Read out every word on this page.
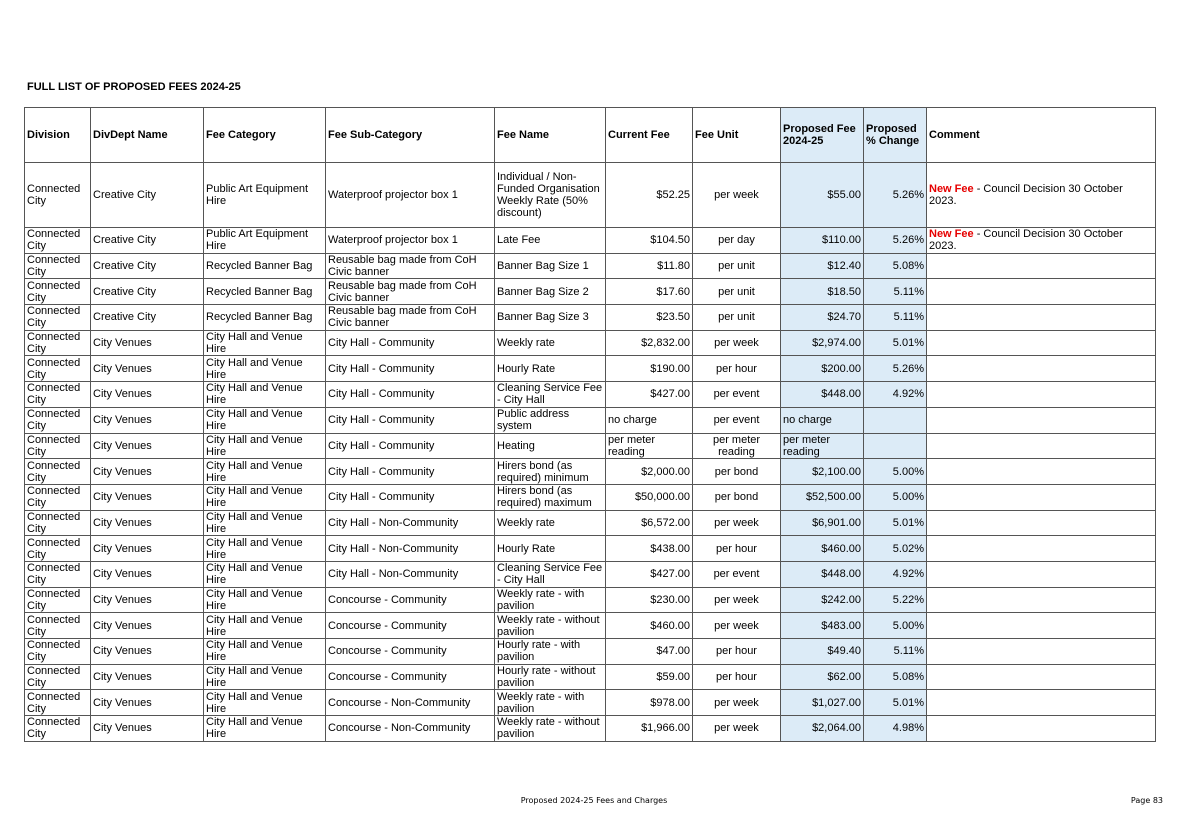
FULL LIST OF PROPOSED FEES 2024-25
Division	DivDept Name	Fee Category	Fee Sub-Category	Fee Name	Current Fee	Fee Unit	Proposed Fee 2024-25	Proposed % Change	Comment
Connected City	Creative City	Public Art Equipment Hire	Waterproof projector box 1	Individual / Non-Funded Organisation Weekly Rate (50% discount)	$52.25	per week	$55.00	5.26%	New Fee - Council Decision 30 October 2023.
Connected City	Creative City	Public Art Equipment Hire	Waterproof projector box 1	Late Fee	$104.50	per day	$110.00	5.26%	New Fee - Council Decision 30 October 2023.
Connected City	Creative City	Recycled Banner Bag	Reusable bag made from CoH Civic banner	Banner Bag Size 1	$11.80	per unit	$12.40	5.08%	
Connected City	Creative City	Recycled Banner Bag	Reusable bag made from CoH Civic banner	Banner Bag Size 2	$17.60	per unit	$18.50	5.11%	
Connected City	Creative City	Recycled Banner Bag	Reusable bag made from CoH Civic banner	Banner Bag Size 3	$23.50	per unit	$24.70	5.11%	
Connected City	City Venues	City Hall and Venue Hire	City Hall - Community	Weekly rate	$2,832.00	per week	$2,974.00	5.01%	
Connected City	City Venues	City Hall and Venue Hire	City Hall - Community	Hourly Rate	$190.00	per hour	$200.00	5.26%	
Connected City	City Venues	City Hall and Venue Hire	City Hall - Community	Cleaning Service Fee - City Hall	$427.00	per event	$448.00	4.92%	
Connected City	City Venues	City Hall and Venue Hire	City Hall - Community	Public address system	no charge	per event	no charge		
Connected City	City Venues	City Hall and Venue Hire	City Hall - Community	Heating	per meter reading	per meter reading	per meter reading		
Connected City	City Venues	City Hall and Venue Hire	City Hall - Community	Hirers bond (as required) minimum	$2,000.00	per bond	$2,100.00	5.00%	
Connected City	City Venues	City Hall and Venue Hire	City Hall - Community	Hirers bond (as required) maximum	$50,000.00	per bond	$52,500.00	5.00%	
Connected City	City Venues	City Hall and Venue Hire	City Hall - Non-Community	Weekly rate	$6,572.00	per week	$6,901.00	5.01%	
Connected City	City Venues	City Hall and Venue Hire	City Hall - Non-Community	Hourly Rate	$438.00	per hour	$460.00	5.02%	
Connected City	City Venues	City Hall and Venue Hire	City Hall - Non-Community	Cleaning Service Fee - City Hall	$427.00	per event	$448.00	4.92%	
Connected City	City Venues	City Hall and Venue Hire	Concourse - Community	Weekly rate - with pavilion	$230.00	per week	$242.00	5.22%	
Connected City	City Venues	City Hall and Venue Hire	Concourse - Community	Weekly rate - without pavilion	$460.00	per week	$483.00	5.00%	
Connected City	City Venues	City Hall and Venue Hire	Concourse - Community	Hourly rate - with pavilion	$47.00	per hour	$49.40	5.11%	
Connected City	City Venues	City Hall and Venue Hire	Concourse - Community	Hourly rate - without pavilion	$59.00	per hour	$62.00	5.08%	
Connected City	City Venues	City Hall and Venue Hire	Concourse - Non-Community	Weekly rate - with pavilion	$978.00	per week	$1,027.00	5.01%	
Connected City	City Venues	City Hall and Venue Hire	Concourse - Non-Community	Weekly rate - without pavilion	$1,966.00	per week	$2,064.00	4.98%	
Proposed 2024-25 Fees and Charges	Page 83
